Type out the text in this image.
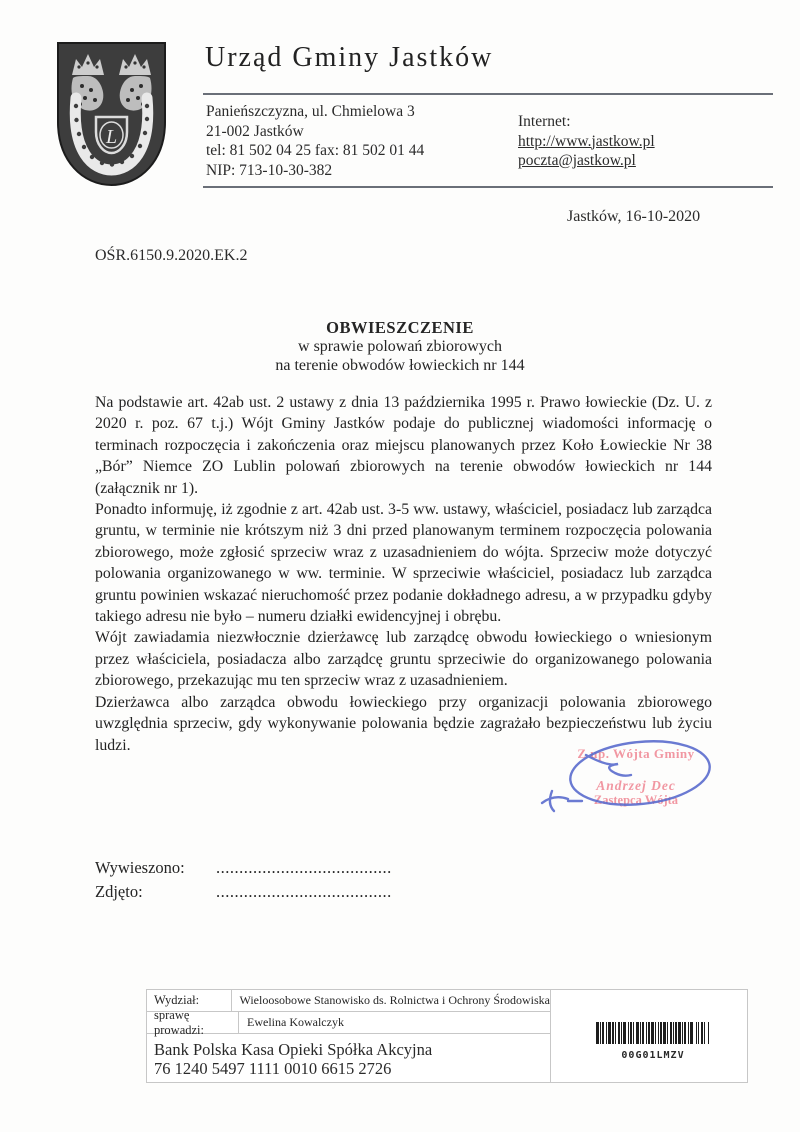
L
Urząd Gminy Jastków
Panieńszczyzna, ul. Chmielowa 3
21-002 Jastków
tel: 81 502 04 25 fax: 81 502 01 44
NIP: 713-10-30-382
Internet:
http://www.jastkow.pl
poczta@jastkow.pl
Jastków, 16-10-2020
OŚR.6150.9.2020.EK.2
OBWIESZCZENIE
w sprawie polowań zbiorowych
na terenie obwodów łowieckich nr 144

Na podstawie art. 42ab ust. 2 ustawy z dnia 13 października 1995 r. Prawo łowieckie (Dz. U. z 2020 r. poz. 67 t.j.) Wójt Gminy Jastków podaje do publicznej wiadomości informację o terminach rozpoczęcia i zakończenia oraz miejscu planowanych przez Koło Łowieckie Nr 38 „Bór” Niemce ZO Lublin polowań zbiorowych na terenie obwodów łowieckich nr 144 (załącznik nr 1).

Ponadto informuję, iż zgodnie z art. 42ab ust. 3-5 ww. ustawy, właściciel, posiadacz lub zarządca gruntu, w terminie nie krótszym niż 3 dni przed planowanym terminem rozpoczęcia polowania zbiorowego, może zgłosić sprzeciw wraz z uzasadnieniem do wójta. Sprzeciw może dotyczyć polowania organizowanego w ww. terminie. W sprzeciwie właściciel, posiadacz lub zarządca gruntu powinien wskazać nieruchomość przez podanie dokładnego adresu, a w przypadku gdyby takiego adresu nie było – numeru działki ewidencyjnej i obrębu.

Wójt zawiadamia niezwłocznie dzierżawcę lub zarządcę obwodu łowieckiego o wniesionym przez właściciela, posiadacza albo zarządcę gruntu sprzeciwie do organizowanego polowania zbiorowego, przekazując mu ten sprzeciw wraz z uzasadnieniem.

Dzierżawca albo zarządca obwodu łowieckiego przy organizacji polowania zbiorowego uwzględnia sprzeciw, gdy wykonywanie polowania będzie zagrażało bezpieczeństwu lub życiu ludzi.	Z up. Wójta Gminy
Andrzej Dec
Zastępca Wójta
Wywieszono:	......................................
Zdjęto:	......................................
Wydział:	Wieloosobowe Stanowisko ds. Rolnictwa i Ochrony Środowiska
sprawę prowadzi:
Ewelina Kowalczyk
Bank Polska Kasa Opieki Spółka Akcyjna
76 1240 5497 1111 0010 6615 2726
00G01LMZV
